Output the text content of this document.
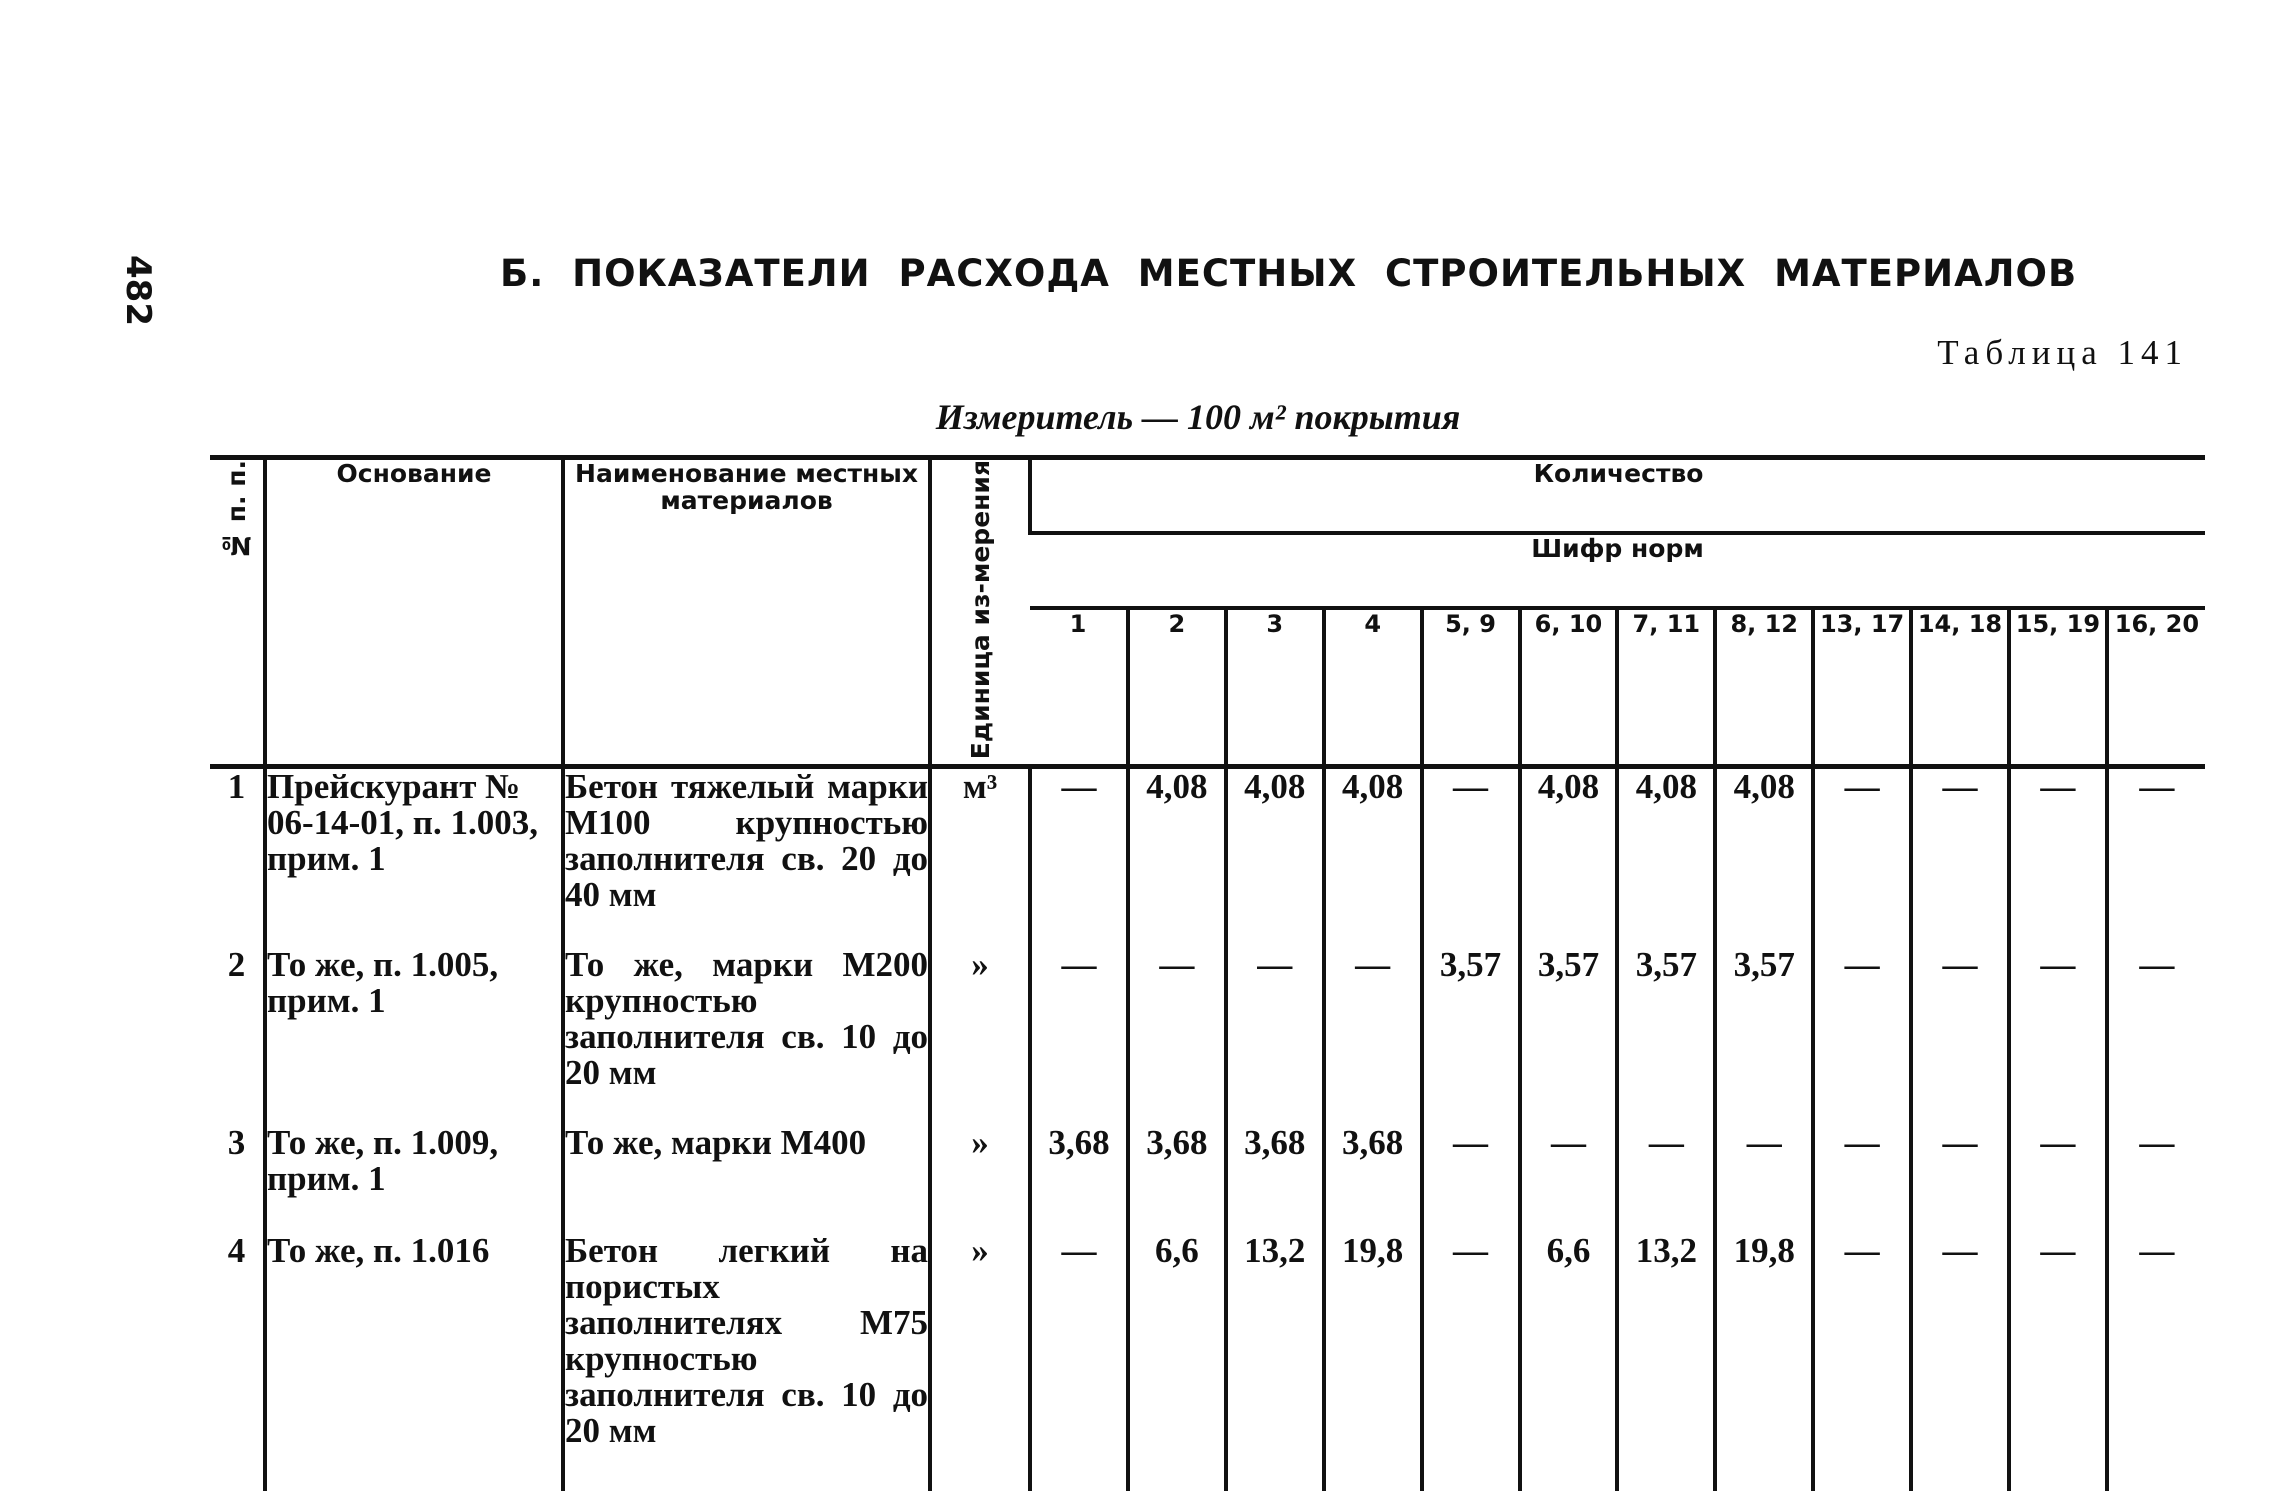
482	Б. ПОКАЗАТЕЛИ РАСХОДА МЕСТНЫХ СТРОИТЕЛЬНЫХ МАТЕРИАЛОВ
Таблица 141
Измеритель — 100 м² покрытия
№ п. п.	Основание	Наименование местных материалов	Единица из-мерения	Количество											
				Шифр норм											
				1	2	3	4	5, 9	6, 10	7, 11	8, 12	13, 17	14, 18	15, 19	16, 20
1	Прейскурант № 06-14-01, п. 1.003, прим. 1	Бетон тяжелый марки М100 крупностью заполнителя св. 20 до 40 мм	м³	—	4,08	4,08	4,08	—	4,08	4,08	4,08	—	—	—	—
2	То же, п. 1.005, прим. 1	То же, марки М200 крупностью заполнителя св. 10 до 20 мм	»	—	—	—	—	3,57	3,57	3,57	3,57	—	—	—	—
3	То же, п. 1.009, прим. 1	То же, марки М400	»	3,68	3,68	3,68	3,68	—	—	—	—	—	—	—	—
4	То же, п. 1.016	Бетон легкий на пористых заполнителях М75 крупностью заполнителя св. 10 до 20 мм	»	—	6,6	13,2	19,8	—	6,6	13,2	19,8	—	—	—	—
